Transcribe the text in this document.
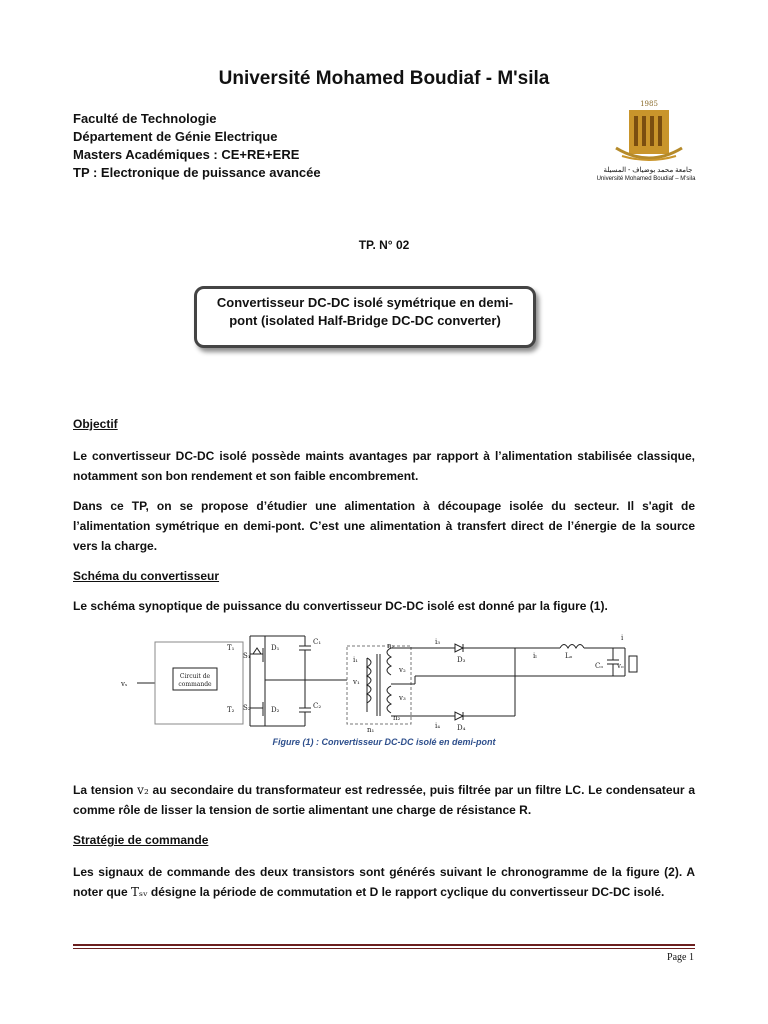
Université Mohamed Boudiaf - M'sila
Faculté de Technologie
Département de Génie Electrique
Masters Académiques : CE+RE+ERE
TP : Electronique de puissance avancée
1985
جامعة محمد بوضياف - المسيلة
Université Mohamed Boudiaf – M'sila
TP. N° 02
Convertisseur DC-DC isolé symétrique en demi-
pont (isolated Half-Bridge DC-DC converter)
Objectif
Le convertisseur DC-DC isolé possède maints avantages par rapport à l’alimentation stabilisée classique, notamment son bon rendement et son faible encombrement.
Dans ce TP, on se propose d’étudier une alimentation à découpage isolée du secteur. Il s'agit de l’alimentation symétrique en demi-pont. C’est une alimentation à transfert direct de l’énergie de la source vers la charge.
Schéma du convertisseur
Le schéma synoptique de puissance du convertisseur DC-DC isolé est donné par la figure (1).
vₛ
Circuit de
commande
T₁	D₁
S₁
T₂	D₂
S₂
C₁
C₂
n₁
n₂
n₂
i₁
v₁
v₂
v₃
i₃
D₃
i₄ D₄
iₗ	Lₒ
Cₒ vₒ
i
Figure (1) : Convertisseur DC-DC isolé en demi-pont
La tension v₂ au secondaire du transformateur est redressée, puis filtrée par un filtre LC. Le condensateur a comme rôle de lisser la tension de sortie alimentant une charge de résistance R.
Stratégie de commande
Les signaux de commande des deux transistors sont générés suivant le chronogramme de la figure (2). A noter que Tₛᵥ désigne la période de commutation et D le rapport cyclique du convertisseur DC-DC isolé.
Page 1
